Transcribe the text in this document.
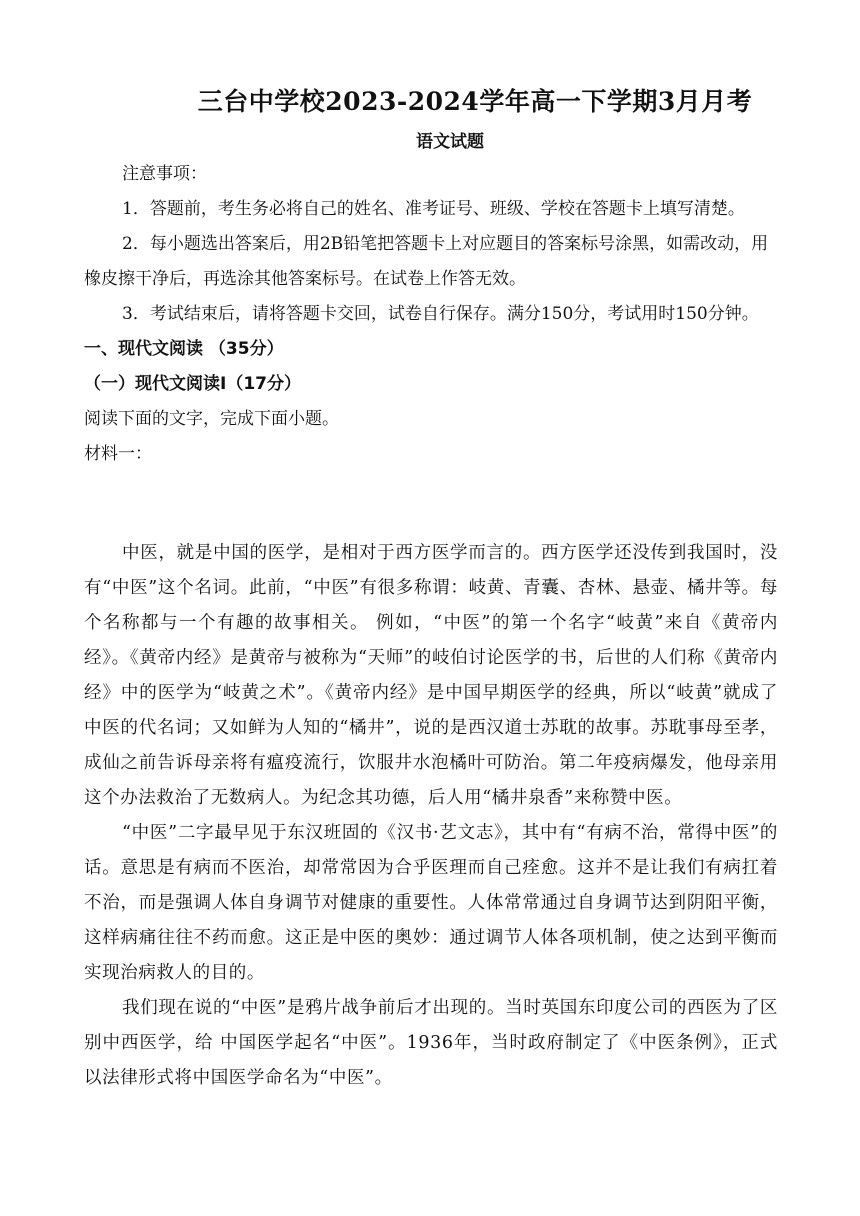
三台中学校2023-2024学年高一下学期3月月考
语文试题

注意事项：

1．答题前，考生务必将自己的姓名、准考证号、班级、学校在答题卡上填写清楚。

2．每小题选出答案后，用2B铅笔把答题卡上对应题目的答案标号涂黑，如需改动，用橡皮擦干净后，再选涂其他答案标号。在试卷上作答无效。

3．考试结束后，请将答题卡交回，试卷自行保存。满分150分，考试用时150分钟。

一、现代文阅读 （35分）

（一）现代文阅读Ⅰ（17分）

阅读下面的文字，完成下面小题。

材料一：

中医，就是中国的医学，是相对于西方医学而言的。西方医学还没传到我国时，没有“中医”这个名词。此前，“中医”有很多称谓：岐黄、青囊、杏林、悬壶、橘井等。每个名称都与一个有趣的故事相关。 例如，“中医”的第一个名字“岐黄”来自《黄帝内经》。《黄帝内经》是黄帝与被称为“天师”的岐伯讨论医学的书，后世的人们称《黄帝内经》中的医学为“岐黄之术”。《黄帝内经》是中国早期医学的经典，所以“岐黄”就成了中医的代名词；又如鲜为人知的“橘井”，说的是西汉道士苏耽的故事。苏耽事母至孝，成仙之前告诉母亲将有瘟疫流行，饮服井水泡橘叶可防治。第二年疫病爆发，他母亲用这个办法救治了无数病人。为纪念其功德，后人用“橘井泉香”来称赞中医。

“中医”二字最早见于东汉班固的《汉书·艺文志》，其中有“有病不治，常得中医”的话。意思是有病而不医治，却常常因为合乎医理而自己痊愈。这并不是让我们有病扛着不治，而是强调人体自身调节对健康的重要性。人体常常通过自身调节达到阴阳平衡，这样病痛往往不药而愈。这正是中医的奥妙：通过调节人体各项机制，使之达到平衡而实现治病救人的目的。

我们现在说的“中医”是鸦片战争前后才出现的。当时英国东印度公司的西医为了区别中西医学，给 中国医学起名“中医”。1936年，当时政府制定了《中医条例》，正式以法律形式将中国医学命名为“中医”。
